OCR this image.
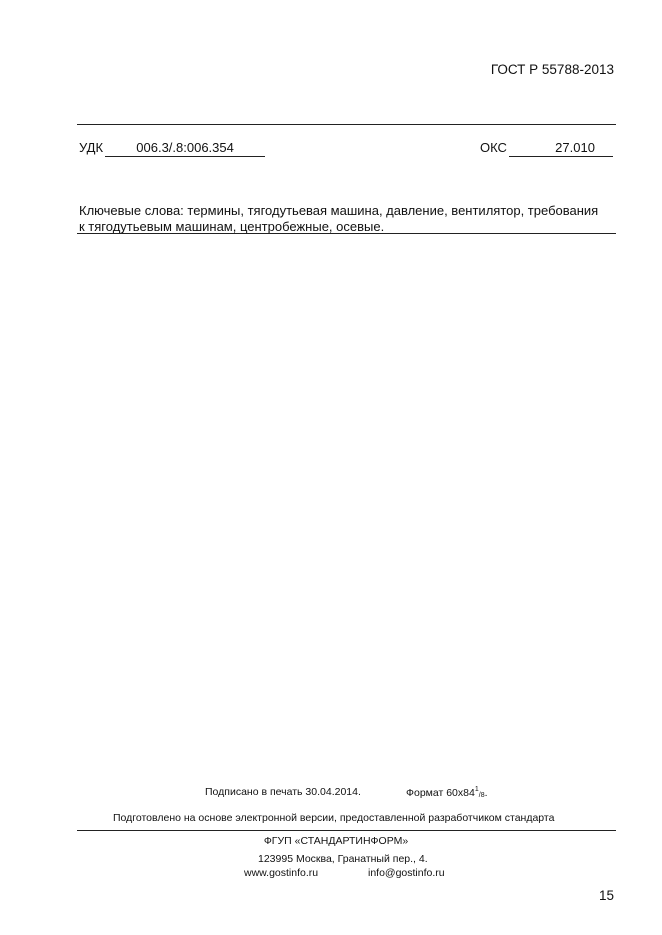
ГОСТ Р 55788-2013
УДК	006.3/.8:006.354	ОКС	27.010
Ключевые слова: термины, тягодутьевая машина, давление, вентилятор, требования
к тягодутьевым машинам, центробежные, осевые.
Подписано в печать 30.04.2014.	Формат $60х84^1/8$.
Подготовлено на основе электронной версии, предоставленной разработчиком стандарта
ФГУП «СТАНДАРТИНФОРМ»
123995 Москва, Гранатный пер., 4.
www.gostinfo.ru	info@gostinfo.ru
15
